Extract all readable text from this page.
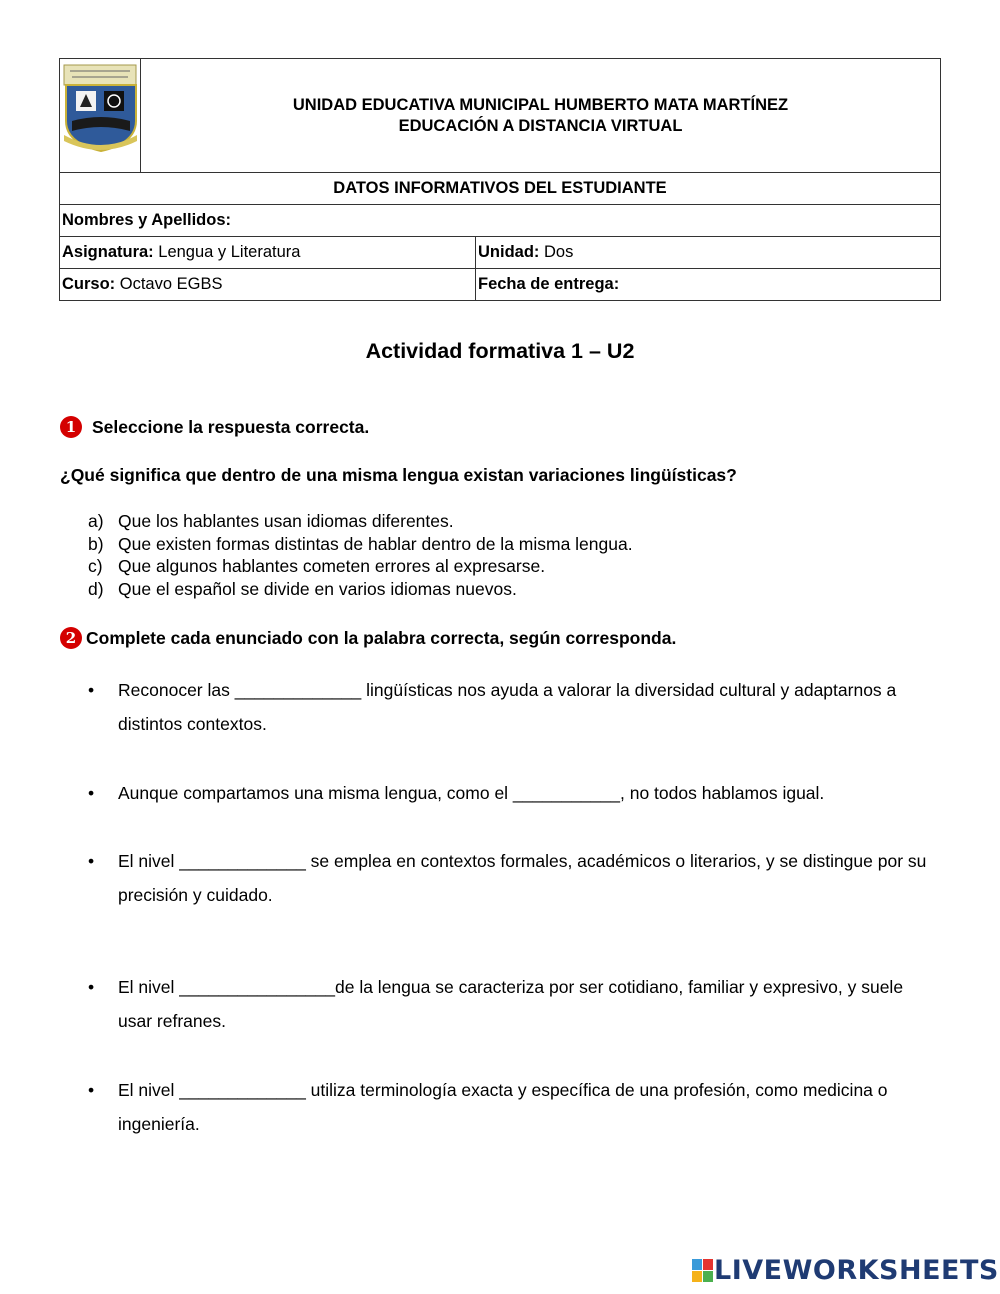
UNIDAD EDUCATIVA MUNICIPAL HUMBERTO MATA MARTÍNEZ
EDUCACIÓN A DISTANCIA VIRTUAL	

DATOS INFORMATIVOS DEL ESTUDIANTE		
Nombres y Apellidos:		
Asignatura: Lengua y Literatura		Unidad: Dos
Curso: Octavo EGBS		Fecha de entrega:
Actividad formativa 1 – U2
1 Seleccione la respuesta correcta.
¿Qué significa que dentro de una misma lengua existan variaciones lingüísticas?
a) Que los hablantes usan idiomas diferentes.
b) Que existen formas distintas de hablar dentro de la misma lengua.
c) Que algunos hablantes cometen errores al expresarse.
d) Que el español se divide en varios idiomas nuevos.
2 Complete cada enunciado con la palabra correcta, según corresponda.
• Reconocer las _____________ lingüísticas nos ayuda a valorar la diversidad cultural y adaptarnos a distintos contextos.
• Aunque compartamos una misma lengua, como el ___________, no todos hablamos igual.
• El nivel _____________ se emplea en contextos formales, académicos o literarios, y se distingue por su precisión y cuidado.
• El nivel ________________de la lengua se caracteriza por ser cotidiano, familiar y expresivo, y suele usar refranes.
• El nivel _____________ utiliza terminología exacta y específica de una profesión, como medicina o ingeniería.
LIVEWORKSHEETS
